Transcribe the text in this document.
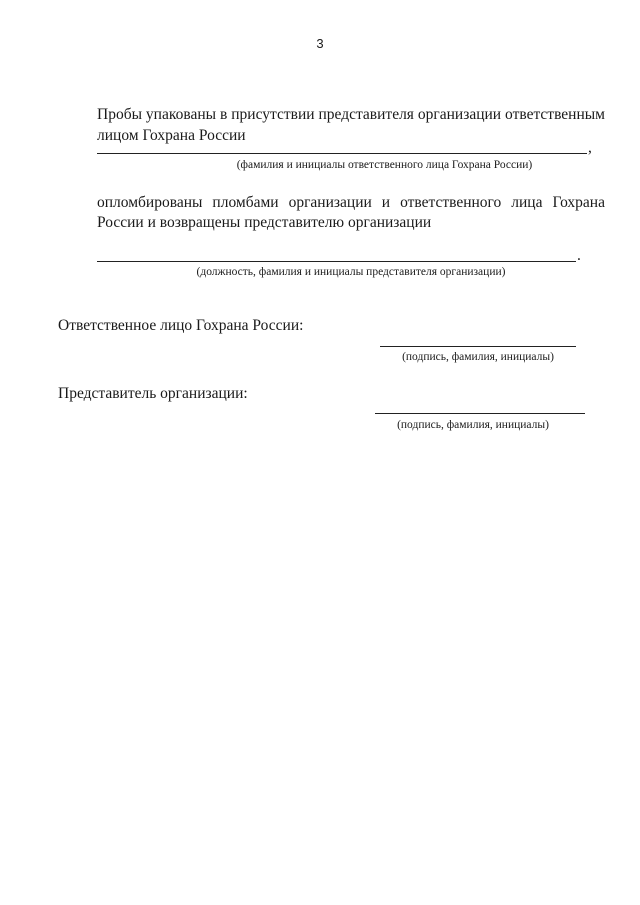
3
Пробы упакованы в присутствии представителя организации ответственным
лицом Гохрана России
,
(фамилия и инициалы ответственного лица Гохрана России)
опломбированы пломбами организации и ответственного лица Гохрана
России и возвращены представителю организации
.
(должность, фамилия и инициалы представителя организации)
Ответственное лицо Гохрана России:
(подпись, фамилия, инициалы)
Представитель организации:
(подпись, фамилия, инициалы)
